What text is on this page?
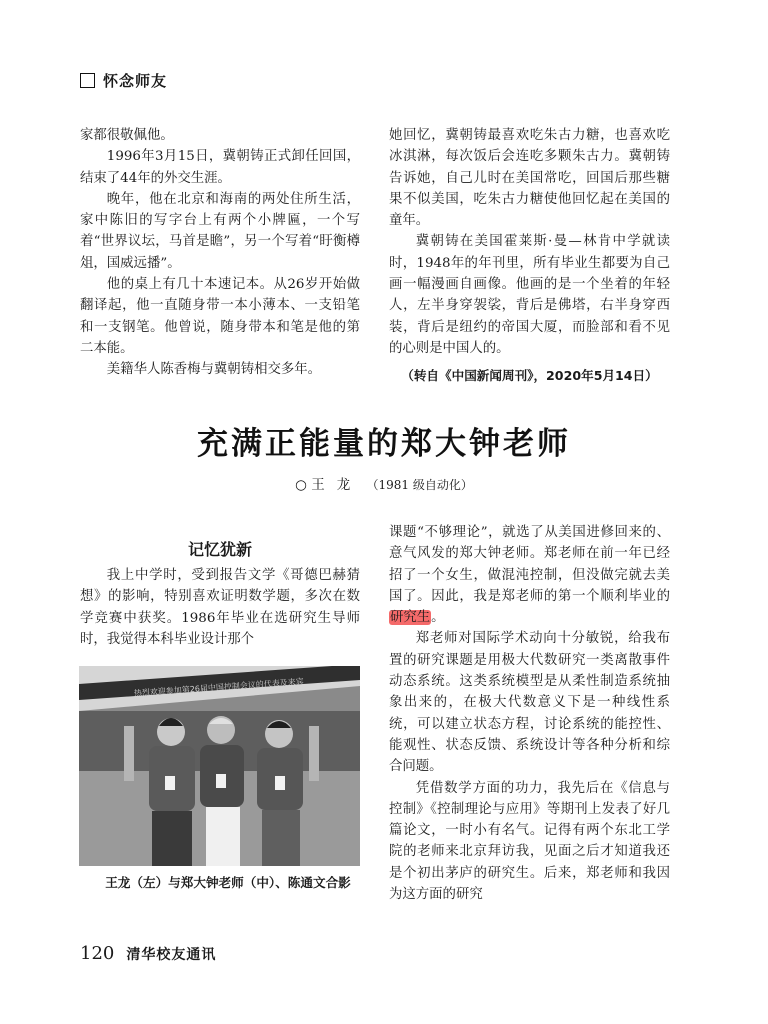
怀念师友

家都很敬佩他。

1996年3月15日，冀朝铸正式卸任回国，结束了44年的外交生涯。

晚年，他在北京和海南的两处住所生活，家中陈旧的写字台上有两个小牌匾，一个写着“世界议坛，马首是瞻”，另一个写着“盱衡樽俎，国威远播”。

他的桌上有几十本速记本。从26岁开始做翻译起，他一直随身带一本小薄本、一支铅笔和一支钢笔。他曾说，随身带本和笔是他的第二本能。

美籍华人陈香梅与冀朝铸相交多年。

她回忆，冀朝铸最喜欢吃朱古力糖，也喜欢吃冰淇淋，每次饭后会连吃多颗朱古力。冀朝铸告诉她，自己儿时在美国常吃，回国后那些糖果不似美国，吃朱古力糖使他回忆起在美国的童年。

冀朝铸在美国霍莱斯·曼—林肯中学就读时，1948年的年刊里，所有毕业生都要为自己画一幅漫画自画像。他画的是一个坐着的年轻人，左半身穿袈裟，背后是佛塔，右半身穿西装，背后是纽约的帝国大厦，而脸部和看不见的心则是中国人的。

（转自《中国新闻周刊》，2020年5月14日）
充满正能量的郑大钟老师
○ 王龙 （1981 级自动化）
记忆犹新

我上中学时，受到报告文学《哥德巴赫猜想》的影响，特别喜欢证明数学题，多次在数学竞赛中获奖。1986年毕业在选研究生导师时，我觉得本科毕业设计那个

热烈欢迎参加第26届中国控制会议的代表及来宾
王龙（左）与郑大钟老师（中）、陈通文合影

课题“不够理论”，就选了从美国进修回来的、意气风发的郑大钟老师。郑老师在前一年已经招了一个女生，做混沌控制，但没做完就去美国了。因此，我是郑老师的第一个顺利毕业的研究生。

郑老师对国际学术动向十分敏锐，给我布置的研究课题是用极大代数研究一类离散事件动态系统。这类系统模型是从柔性制造系统抽象出来的，在极大代数意义下是一种线性系统，可以建立状态方程，讨论系统的能控性、能观性、状态反馈、系统设计等各种分析和综合问题。

凭借数学方面的功力，我先后在《信息与控制》《控制理论与应用》等期刊上发表了好几篇论文，一时小有名气。记得有两个东北工学院的老师来北京拜访我，见面之后才知道我还是个初出茅庐的研究生。后来，郑老师和我因为这方面的研究

120 清华校友通讯
